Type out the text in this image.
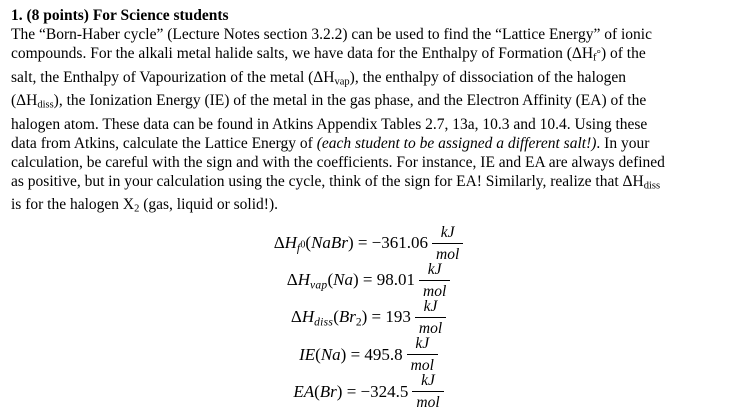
1. (8 points) For Science students
The “Born-Haber cycle” (Lecture Notes section 3.2.2) can be used to find the “Lattice Energy” of ionic
compounds. For the alkali metal halide salts, we have data for the Enthalpy of Formation $(\Delta H_f^\circ)$ of the
salt, the Enthalpy of Vapourization of the metal $(\Delta H_{vap})$, the enthalpy of dissociation of the halogen
$(\Delta H_{diss})$, the Ionization Energy (IE) of the metal in the gas phase, and the Electron Affinity (EA) of the
halogen atom. These data can be found in Atkins Appendix Tables 2.7, 13a, 10.3 and 10.4. Using these
data from Atkins, calculate the Lattice Energy of (each student to be assigned a different salt!). In your
calculation, be careful with the sign and with the coefficients. For instance, IE and EA are always defined
as positive, but in your calculation using the cycle, think of the sign for EA! Similarly, realize that $\Delta H_{diss}$
is for the halogen $X_2$ (gas, liquid or solid!).
$\Delta H_f0(NaBr) = -361.06 \frac{kJ}{\text{mol}}$
$\Delta H_{vap}(Na) = 98.01 \frac{kJ}{\text{mol}}$
$\Delta H_{diss}(Br_2) = 193 \frac{kJ}{\text{mol}}$
$IE(Na) = 495.8 \frac{kJ}{\text{mol}}$
$EA(Br) = -324.5 \frac{kJ}{\text{mol}}$
